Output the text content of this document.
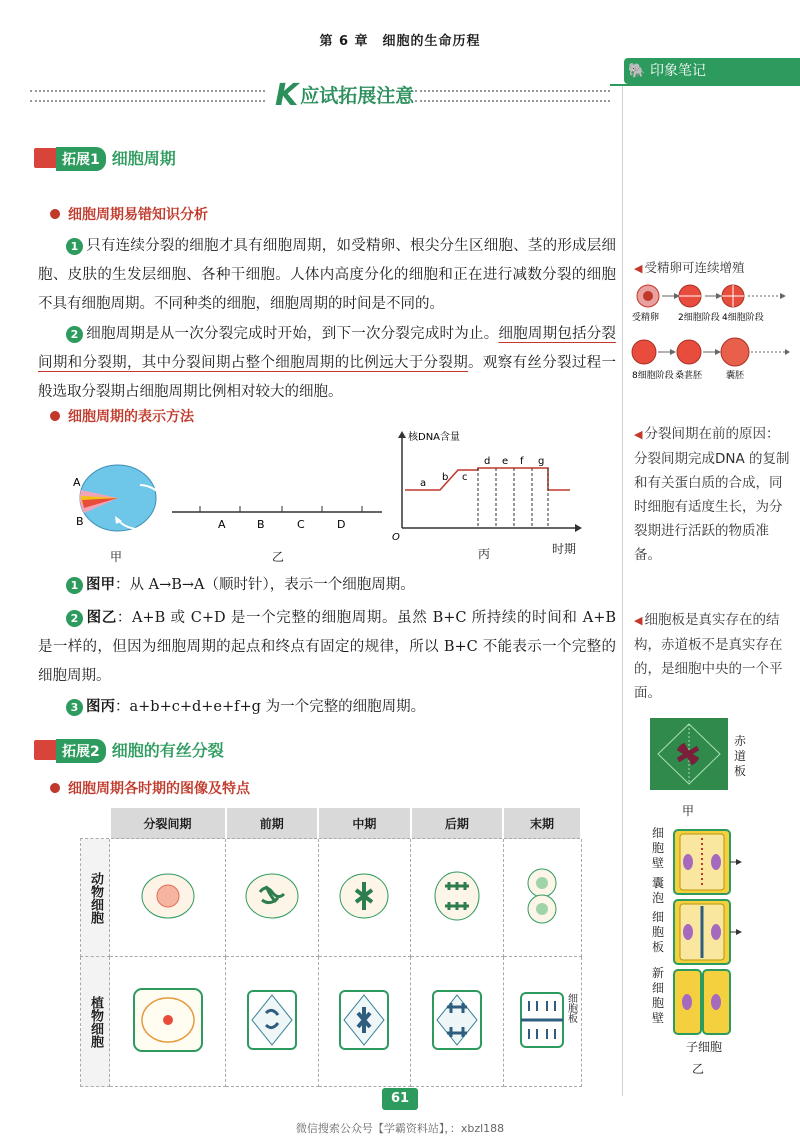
第 6 章　细胞的生命历程
K应试拓展注意
🐘 印象笔记
拓展1 细胞周期
细胞周期易错知识分析
1 只有连续分裂的细胞才具有细胞周期，如受精卵、根尖分生区细胞、茎的形成层细胞、皮肤的生发层细胞、各种干细胞。人体内高度分化的细胞和正在进行减数分裂的细胞不具有细胞周期。不同种类的细胞，细胞周期的时间是不同的。
2 细胞周期是从一次分裂完成时开始，到下一次分裂完成时为止。细胞周期包括分裂间期和分裂期，其中分裂间期占整个细胞周期的比例远大于分裂期。观察有丝分裂过程一般选取分裂期占细胞周期比例相对较大的细胞。
细胞周期的表示方法
A
B
甲
A	B	C	D
乙
核DNA含量
O
a
b c
d e f g
时期
丙
1 图甲：从 A→B→A（顺时针），表示一个细胞周期。
2 图乙：A+B 或 C+D 是一个完整的细胞周期。虽然 B+C 所持续的时间和 A+B 是一样的，但因为细胞周期的起点和终点有固定的规律，所以 B+C 不能表示一个完整的细胞周期。
3 图丙：a+b+c+d+e+f+g 为一个完整的细胞周期。
拓展2 细胞的有丝分裂
细胞周期各时期的图像及特点
	分裂间期	前期	中期	后期	末期
动物细胞					
植物细胞					细胞板
◀ 受精卵可连续增殖
受精卵 2细胞阶段 4细胞阶段
8细胞阶段 桑葚胚	囊胚
◀ 分裂间期在前的原因：分裂间期完成DNA 的复制和有关蛋白质的合成，同时细胞有适度生长，为分裂期进行活跃的物质准备。
◀ 细胞板是真实存在的结构，赤道板不是真实存在的，是细胞中央的一个平面。
赤道板
甲
细胞壁
囊泡
细胞板
新细胞壁
子细胞
乙
61
微信搜索公众号【学霸资料站】，：xbzl188
